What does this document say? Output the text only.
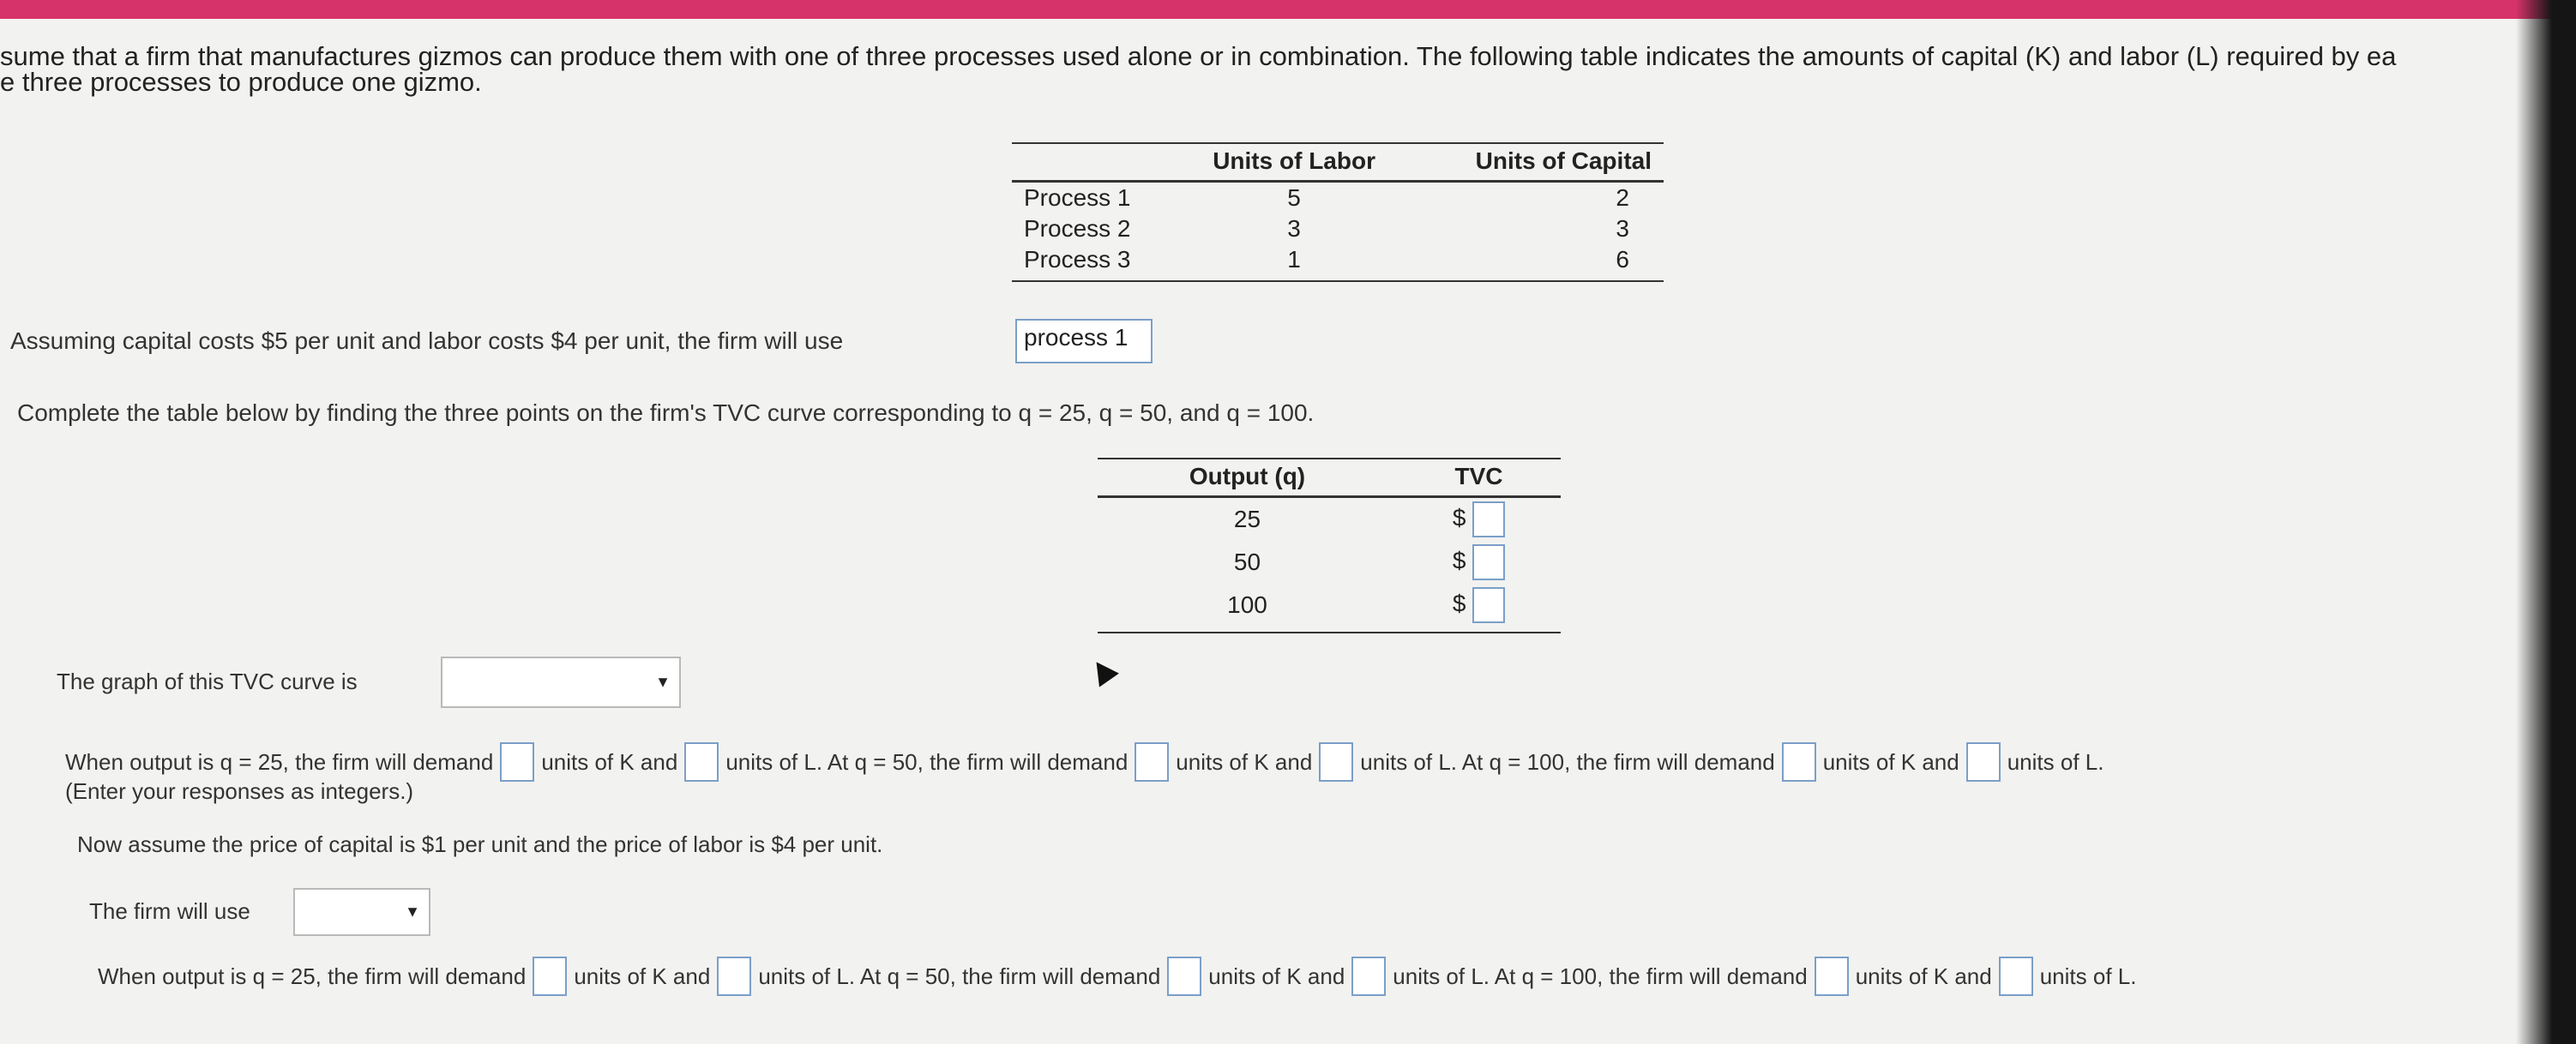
sume that a firm that manufactures gizmos can produce them with one of three processes used alone or in combination. The following table indicates the amounts of capital (K) and labor (L) required by ea
e three processes to produce one gizmo.
	Units of Labor	Units of Capital
Process 1	5	2
Process 2	3	3
Process 3	1	6
Assuming capital costs $5 per unit and labor costs $4 per unit, the firm will use	process 1
Complete the table below by finding the three points on the firm's TVC curve corresponding to q = 25, q = 50, and q = 100.
Output (q)	TVC
25	$
50	$
100	$
The graph of this TVC curve is	▼
When output is q = 25, the firm will demand units of K and units of L. At q = 50, the firm will demand units of K and units of L. At q = 100, the firm will demand units of K and units of L.
(Enter your responses as integers.)
Now assume the price of capital is $1 per unit and the price of labor is $4 per unit.
The firm will use	▼
When output is q = 25, the firm will demand units of K and units of L. At q = 50, the firm will demand units of K and units of L. At q = 100, the firm will demand units of K and units of L.
